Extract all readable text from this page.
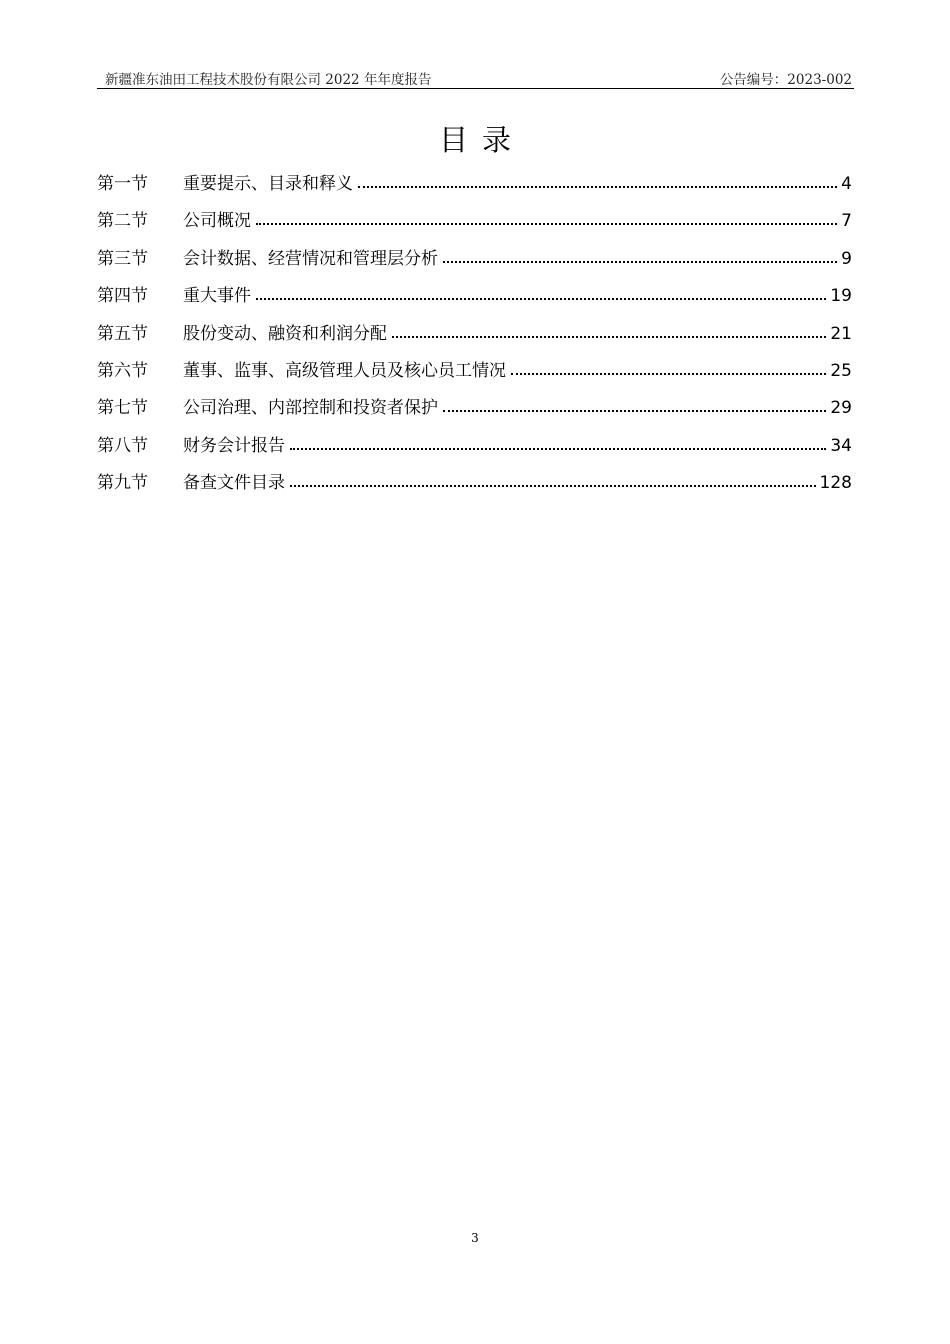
新疆准东油田工程技术股份有限公司 2022 年年度报告	公告编号：2023-002
目录
第一节	重要提示、目录和释义	4
第二节	公司概况	7
第三节	会计数据、经营情况和管理层分析	9
第四节	重大事件	19
第五节	股份变动、融资和利润分配	21
第六节	董事、监事、高级管理人员及核心员工情况	25
第七节	公司治理、内部控制和投资者保护	29
第八节	财务会计报告	34
第九节	备查文件目录	128
3
